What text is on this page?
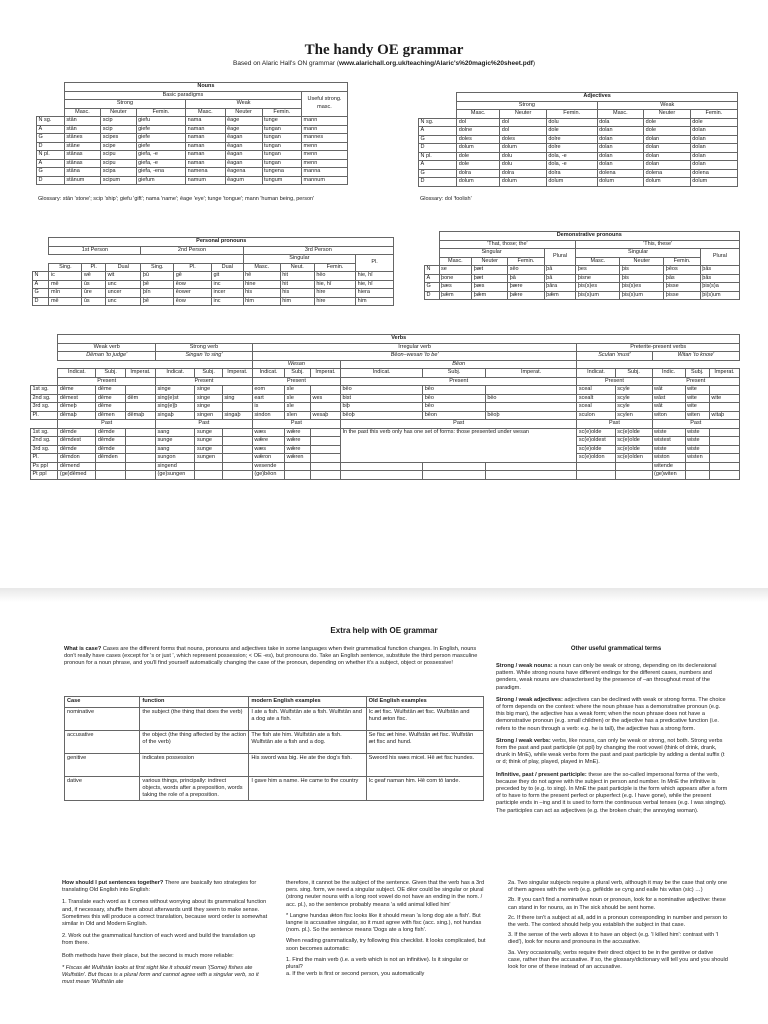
The handy OE grammar
Based on Alaric Hall's ON grammar (www.alarichall.org.uk/teaching/Alaric's%20magic%20sheet.pdf)
	Nouns						
	Basic paradigms						Useful strong. masc.
	Strong			Weak			
	Masc.	Neuter	Femin.	Masc.	Neuter	Femin.	
N sg.	stān	scip	giefu	nama	ēage	tunge	mann
A	stān	scip	giefe	naman	ēage	tungan	mann
G	stānes	scipes	giefe	naman	ēagan	tungan	mannes
D	stāne	scipe	giefe	naman	ēagan	tungan	menn
N pl.	stānas	scipu	giefa, -e	naman	ēagan	tungan	menn
A	stānas	scipu	giefa, -e	naman	ēagan	tungan	menn
G	stāna	scipa	giefa, -ena	namena	ēagena	tungena	manna
D	stānum	scipum	giefum	namum	ēagum	tungum	mannum
Glossary: stān 'stone'; scip 'ship'; giefu 'gift'; nama 'name'; ēage 'eye'; tunge 'tongue'; mann 'human being, person'
	Adjectives					
	Strong			Weak		
	Masc.	Neuter	Femin.	Masc.	Neuter	Femin.
N sg.	dol	dol	dolu	dola	dole	dole
A	dolne	dol	dole	dolan	dole	dolan
G	doles	doles	dolre	dolan	dolan	dolan
D	dolum	dolum	dolre	dolan	dolan	dolan
N pl.	dole	dolu	dola, -e	dolan	dolan	dolan
A	dole	dolu	dola, -e	dolan	dolan	dolan
G	dolra	dolra	dolra	dolena	dolena	dolena
D	dolum	dolum	dolum	dolum	dolum	dolum
Glossary: dol 'foolish'
	Personal pronouns									
	1st Person			2nd Person			3rd Person			
							Singular			Pl.
	Sing.	Pl.	Dual	Sing.	Pl.	Dual	Masc.	Neut.	Femin.	
N	ic	wē	wit	þū	gē	git	hē	hit	hēo	hie, hī
A	mē	ūs	unc	þē	ēow	inc	hine	hit	hie, hī	hie, hī
G	mīn	ūre	uncer	þīn	ēower	incer	his	his	hire	hiera
D	mē	ūs	unc	þē	ēow	inc	him	him	hire	him
	Demonstrative pronouns							
	'That, those; the'				'This, these'			
	Singular			Plural	Singular			Plural
	Masc.	Neuter	Femin.		Masc.	Neuter	Femin.	
N	se	þæt	sēo	þā	þes	þis	þēos	þās
A	þone	þæt	þā	þā	þisne	þis	þās	þās
G	þæs	þæs	þære	þāra	þis(s)es	þis(s)es	þisse	þis(s)a
D	þǣm	þǣm	þǣre	þǣm	þis(s)um	þis(s)um	þisse	þi(s)um
	Verbs																
	Weak verb			Strong verb			Irregular verb						Preterite-present verbs				
	Dēman 'to judge'			Singan 'to sing'			Bēon–wesan 'to be'						Sculan 'must'		Witan 'to know'		
							Wesan			Bēon							
	Indicat.	Subj.	Imperat.	Indicat.	Subj.	Imperat.	Indicat.	Subj.	Imperat.	Indicat.	Subj.	Imperat.	Indicat.	Subj.	Indic.	Subj.	Imperat.
	Present			Present			Present			Present			Present		Present		
1st sg.	dēme	dēme		singe	singe		eom	sīe		bēo	bēo		sceal	scyle	wāt	wite	
2nd sg.	dēmest	dēme	dēm	sing(e)st	singe	sing	eart	sīe	wes	bist	bēo	bēo	scealt	scyle	wāst	wite	wite
3rd sg.	dēmeþ	dēme		sing(e)þ	singe		is	sīe		biþ	bēo		sceal	scyle	wāt	wite	
Pl.	dēmaþ	dēmen	dēmaþ	singaþ	singen	singaþ	sindon	sīen	wesaþ	bēoþ	bēon	bēoþ	sculon	scylen	witon	witen	witaþ
	Past			Past			Past			Past			Past		Past		
1st sg.	dēmde	dēmde		sang	sunge		wæs	wǣre		In the past this verb only has one set of forms: those presented under wesan			sc(e)olde	sc(e)olde	wiste	wiste	
2nd sg.	dēmdest	dēmde		sunge	sunge		wǣre	wǣre					sc(e)oldest	sc(e)olde	wistest	wiste	
3rd sg.	dēmde	dēmde		sang	sunge		wæs	wǣre					sc(e)olde	sc(e)olde	wiste	wiste	
Pl.	dēmdon	dēmden		sungon	sungen		wǣron	wǣren					sc(e)oldon	sc(e)olden	wiston	wisten	
Ps ppl	dēmend			singend			wesende								witende		
Pt ppl	(ge)dēmed			(ge)sungen			(ge)bēon								(ge)witen		
Extra help with OE grammar
What is case? Cases are the different forms that nouns, pronouns and adjectives take in some languages when their grammatical function changes. In English, nouns don't really have cases (except for 's or just ', which represent possession; < OE -es), but pronouns do. Take an English sentence, substitute the third person masculine pronoun for a noun phrase, and you'll find yourself automatically changing the case of the pronoun, depending on whether it's a subject, object or possessive!
Case	function	modern English examples	Old English examples
nominative	the subject (the thing that does the verb)	I ate a fish. Wulfstān ate a fish. Wulfstān and a dog ate a fish.	Ic æt fisc. Wulfstān æt fisc. Wulfstān and hund æton fisc.
accusative	the object (the thing affected by the action of the verb)	The fish ate him. Wulfstān ate a fish. Wulfstān ate a fish and a dog.	Se fisc æt hine. Wulfstān æt fisc. Wulfstān æt fisc and hund.
genitive	indicates possession	His sword was big. He ate the dog's fish.	Sweord his wæs micel. Hē æt fisc hundes.
dative	various things, principally: indirect objects, words after a preposition, words taking the role of a preposition.	I gave him a name. He came to the country	Ic geaf naman him. Hē com tō lande.
Other useful grammatical terms
Strong / weak nouns: a noun can only be weak or strong, depending on its declensional pattern. While strong nouns have different endings for the different cases, numbers and genders, weak nouns are characterised by the presence of –an throughout most of the paradigm.
Strong / weak adjectives: adjectives can be declined with weak or strong forms. The choice of form depends on the context: where the noun phrase has a demonstrative pronoun (e.g. this big man), the adjective has a weak form; when the noun phrase does not have a demonstrative pronoun (e.g. small children) or the adjective has a predicative function (i.e. refers to the noun through a verb: e.g. he is tall), the adjective has a strong form.
Strong / weak verbs: verbs, like nouns, can only be weak or strong, not both. Strong verbs form the past and past participle (pt ppl) by changing the root vowel (think of drink, drank, drunk in MnE), while weak verbs form the past and past participle by adding a dental suffix (t or d; think of play, played, played in MnE).
Infinitive, past / present participle: these are the so-called impersonal forms of the verb, because they do not agree with the subject in person and number. In MnE the infinitive is preceded by to (e.g. to sing). In MnE the past participle is the form which appears after a form of to have to form the present perfect or pluperfect (e.g. I have gone), while the present participle ends in –ing and it is used to form the continuous verbal tenses (e.g. I was singing). The participles can act as adjectives (e.g. the broken chair; the annoying woman).
How should I put sentences together? There are basically two strategies for translating Old English into English:
1. Translate each word as it comes without worrying about its grammatical function and, if necessary, shuffle them about afterwards until they seem to make sense. Sometimes this will produce a correct translation, because word order is somewhat similar in Old and Modern English.
2. Work out the grammatical function of each word and build the translation up from there.
Both methods have their place, but the second is much more reliable:
* Fiscas ǣt Wulfstān looks at first sight like it should mean '(Some) fishes ate Wulfstān'. But fiscas is a plural form and cannot agree with a singular verb, so it must mean 'Wulfstān ate
therefore, it cannot be the subject of the sentence. Given that the verb has a 3rd pers. sing. form, we need a singular subject. OE dēor could be singular or plural (strong neuter nouns with a long root vowel do not have an ending in the nom. / acc. pl.), so the sentence probably means 'a wild animal killed him'
* Langne hundas ǣton fisc looks like it should mean 'a long dog ate a fish'. But langne is accusative singular, so it must agree with fisc (acc. sing.), not hundas (nom. pl.). So the sentence means 'Dogs ate a long fish'.
When reading grammatically, try following this checklist. It looks complicated, but soon becomes automatic:
1. Find the main verb (i.e. a verb which is not an infinitive). Is it singular or plural?
a. If the verb is first or second person, you automatically
2a. Two singular subjects require a plural verb, although it may be the case that only one of them agrees with the verb (e.g. gefēdde se cyng and ealle his witan (sic) …)
2b. If you can't find a nominative noun or pronoun, look for a nominative adjective: these can stand in for nouns, as in The sick should be sent home.
2c. If there isn't a subject at all, add in a pronoun corresponding in number and person to the verb. The context should help you establish the subject in that case.
3. If the sense of the verb allows it to have an object (e.g. 'I killed him': contrast with 'I died'), look for nouns and pronouns in the accusative.
3a. Very occasionally, verbs require their direct object to be in the genitive or dative case, rather than the accusative. If so, the glossary/dictionary will tell you and you should look for one of these instead of an accusative.
